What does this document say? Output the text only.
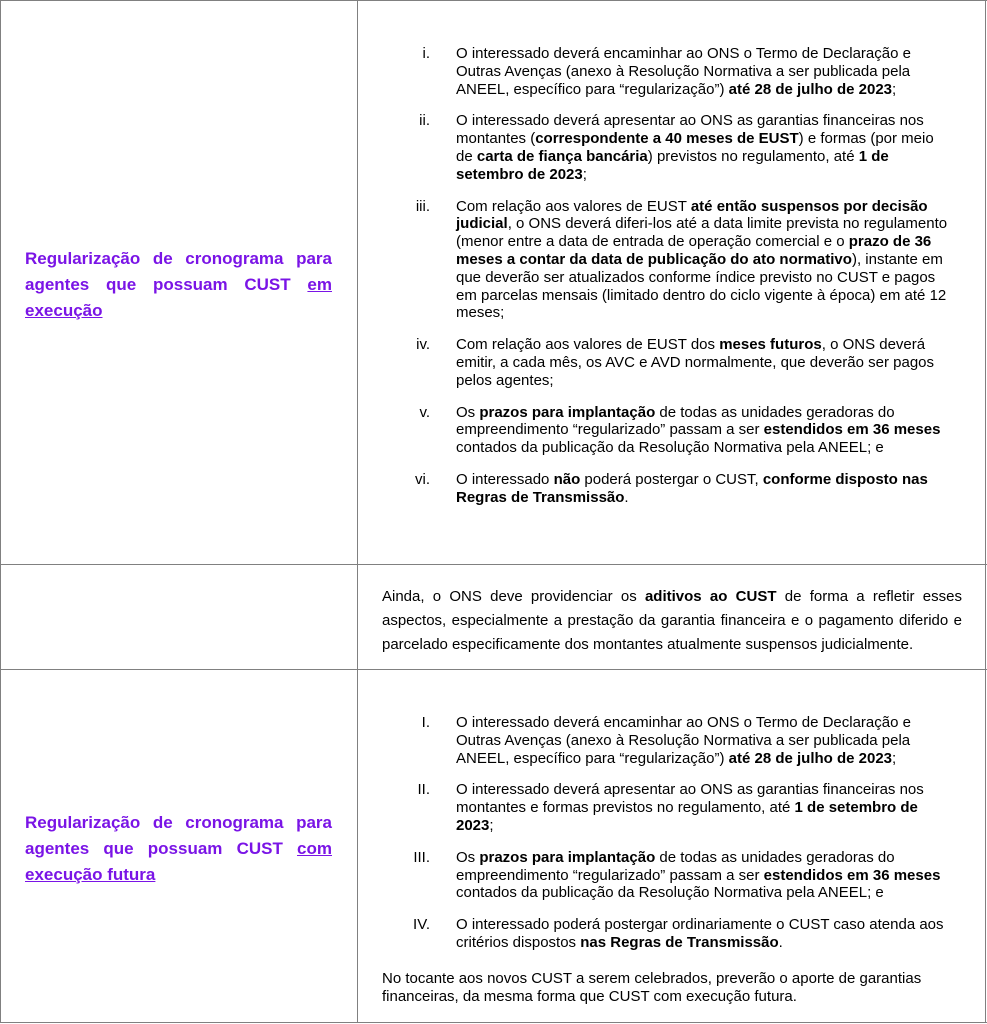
Regularização de cronograma para agentes que possuam CUST em execução
i. O interessado deverá encaminhar ao ONS o Termo de Declaração e Outras Avenças (anexo à Resolução Normativa a ser publicada pela ANEEL, específico para “regularização”) até 28 de julho de 2023;
ii. O interessado deverá apresentar ao ONS as garantias financeiras nos montantes (correspondente a 40 meses de EUST) e formas (por meio de carta de fiança bancária) previstos no regulamento, até 1 de setembro de 2023;
iii. Com relação aos valores de EUST até então suspensos por decisão judicial, o ONS deverá diferi-los até a data limite prevista no regulamento (menor entre a data de entrada de operação comercial e o prazo de 36 meses a contar da data de publicação do ato normativo), instante em que deverão ser atualizados conforme índice previsto no CUST e pagos em parcelas mensais (limitado dentro do ciclo vigente à época) em até 12 meses;
iv. Com relação aos valores de EUST dos meses futuros, o ONS deverá emitir, a cada mês, os AVC e AVD normalmente, que deverão ser pagos pelos agentes;
v. Os prazos para implantação de todas as unidades geradoras do empreendimento “regularizado” passam a ser estendidos em 36 meses contados da publicação da Resolução Normativa pela ANEEL; e
vi. O interessado não poderá postergar o CUST, conforme disposto nas Regras de Transmissão.
Ainda, o ONS deve providenciar os aditivos ao CUST de forma a refletir esses aspectos, especialmente a prestação da garantia financeira e o pagamento diferido e parcelado especificamente dos montantes atualmente suspensos judicialmente.
Regularização de cronograma para agentes que possuam CUST com execução futura
I. O interessado deverá encaminhar ao ONS o Termo de Declaração e Outras Avenças (anexo à Resolução Normativa a ser publicada pela ANEEL, específico para “regularização”) até 28 de julho de 2023;
II. O interessado deverá apresentar ao ONS as garantias financeiras nos montantes e formas previstos no regulamento, até 1 de setembro de 2023;
III. Os prazos para implantação de todas as unidades geradoras do empreendimento “regularizado” passam a ser estendidos em 36 meses contados da publicação da Resolução Normativa pela ANEEL; e
IV. O interessado poderá postergar ordinariamente o CUST caso atenda aos critérios dispostos nas Regras de Transmissão.
No tocante aos novos CUST a serem celebrados, preverão o aporte de garantias financeiras, da mesma forma que CUST com execução futura.
